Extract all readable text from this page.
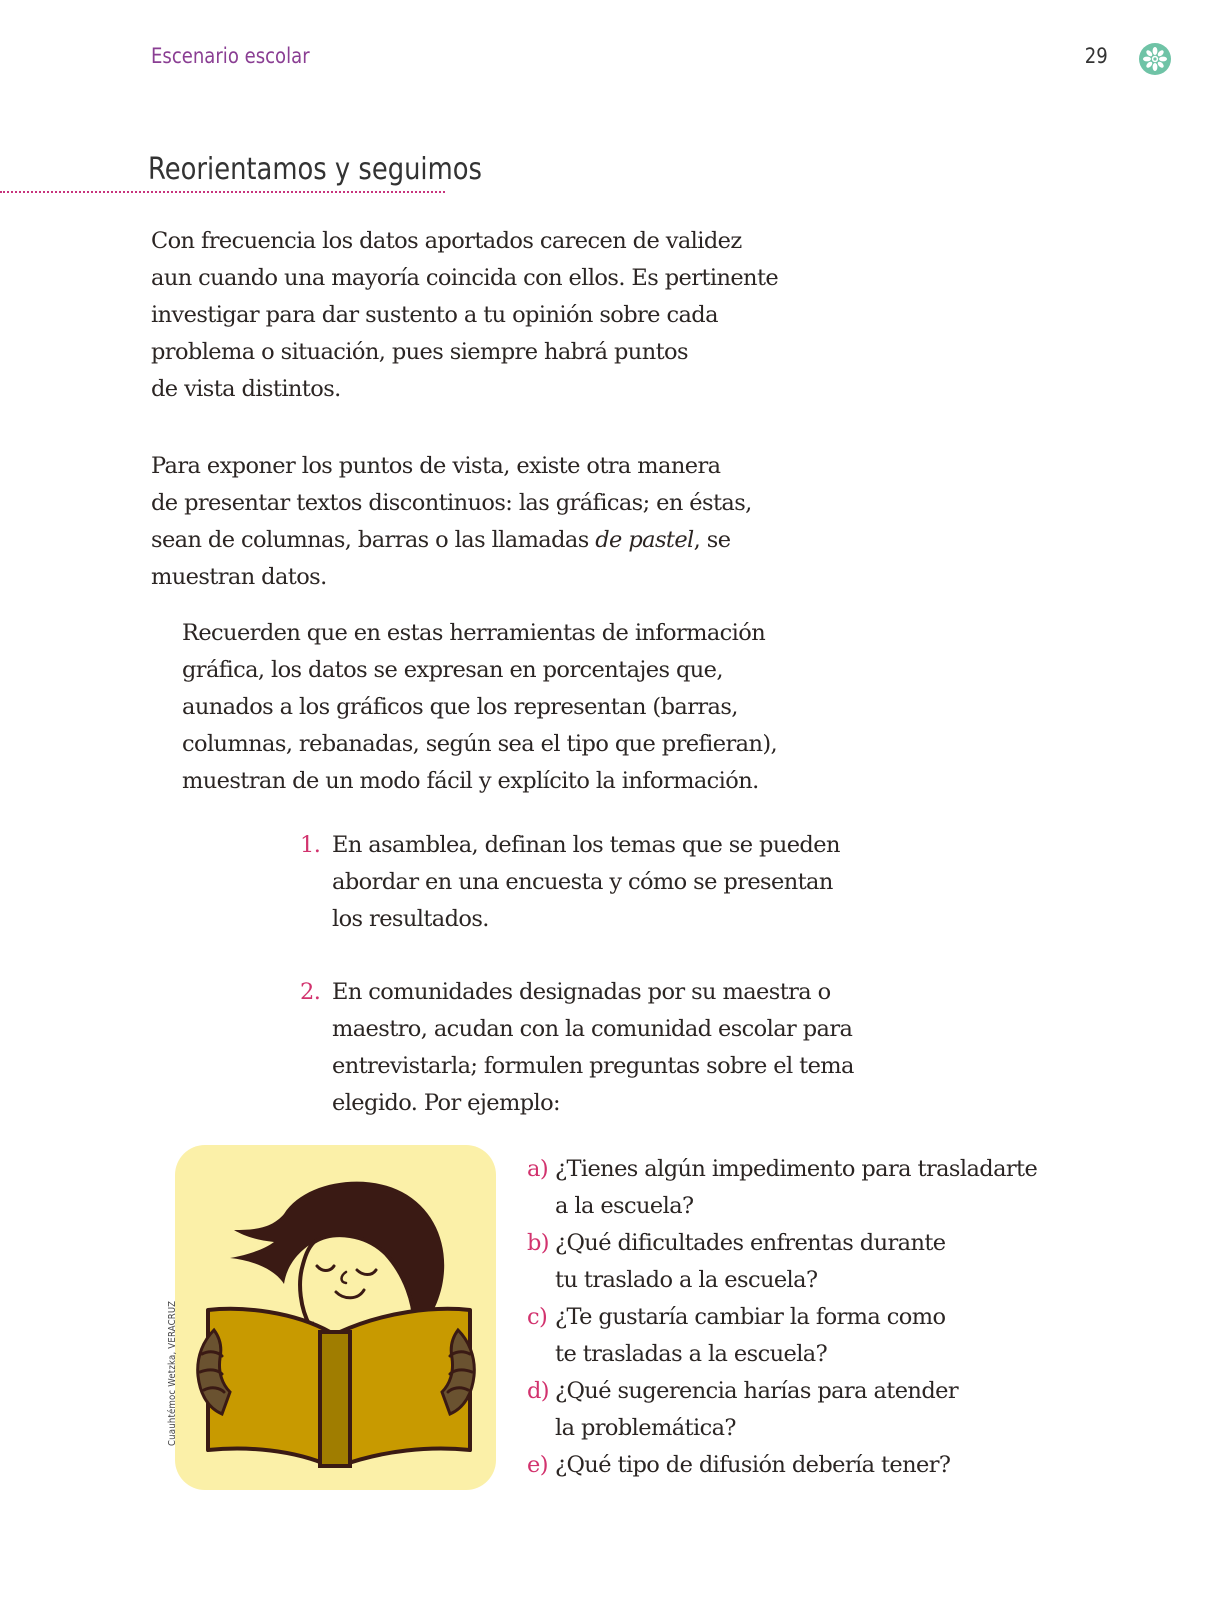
Escenario escolar	29
Reorientamos y seguimos
Con frecuencia los datos aportados carecen de validez
aun cuando una mayoría coincida con ellos. Es pertinente
investigar para dar sustento a tu opinión sobre cada
problema o situación, pues siempre habrá puntos
de vista distintos.
Para exponer los puntos de vista, existe otra manera
de presentar textos discontinuos: las gráficas; en éstas,
sean de columnas, barras o las llamadas de pastel, se
muestran datos.
Recuerden que en estas herramientas de información
gráfica, los datos se expresan en porcentajes que,
aunados a los gráficos que los representan (barras,
columnas, rebanadas, según sea el tipo que prefieran),
muestran de un modo fácil y explícito la información.
1. En asamblea, definan los temas que se pueden
abordar en una encuesta y cómo se presentan
los resultados.
2. En comunidades designadas por su maestra o
maestro, acudan con la comunidad escolar para
entrevistarla; formulen preguntas sobre el tema
elegido. Por ejemplo:
Cuauhtémoc Wetzka, VERACRUZ
a) ¿Tienes algún impedimento para trasladarte
a la escuela?
b) ¿Qué dificultades enfrentas durante
tu traslado a la escuela?
c) ¿Te gustaría cambiar la forma como
te trasladas a la escuela?
d) ¿Qué sugerencia harías para atender
la problemática?
e) ¿Qué tipo de difusión debería tener?
